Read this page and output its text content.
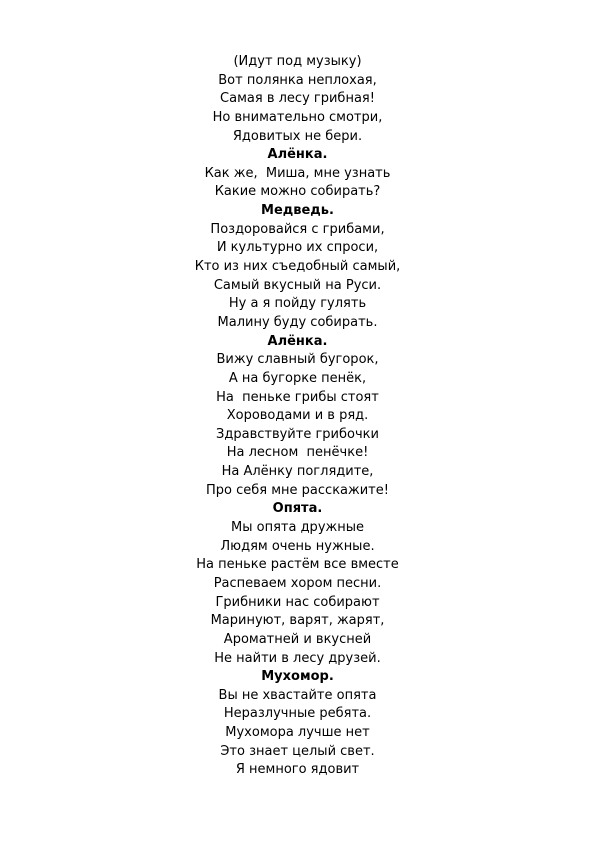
(Идут под музыку)
Вот полянка неплохая,
Самая в лесу грибная!
Но внимательно смотри,
Ядовитых не бери.
Алёнка.
Как же,  Миша, мне узнать
Какие можно собирать?
Медведь.
Поздоровайся с грибами,
И культурно их спроси,
Кто из них съедобный самый,
Самый вкусный на Руси.
Ну а я пойду гулять
Малину буду собирать.
Алёнка.
Вижу славный бугорок,
А на бугорке пенёк,
На  пеньке грибы стоят
Хороводами и в ряд.
Здравствуйте грибочки
На лесном  пенёчке!
На Алёнку поглядите,
Про себя мне расскажите!
Опята.
Мы опята дружные
Людям очень нужные.
На пеньке растём все вместе
Распеваем хором песни.
Грибники нас собирают
Маринуют, варят, жарят,
Ароматней и вкусней
Не найти в лесу друзей.
Мухомор.
Вы не хвастайте опята
Неразлучные ребята.
Мухомора лучше нет
Это знает целый свет.
Я немного ядовит
